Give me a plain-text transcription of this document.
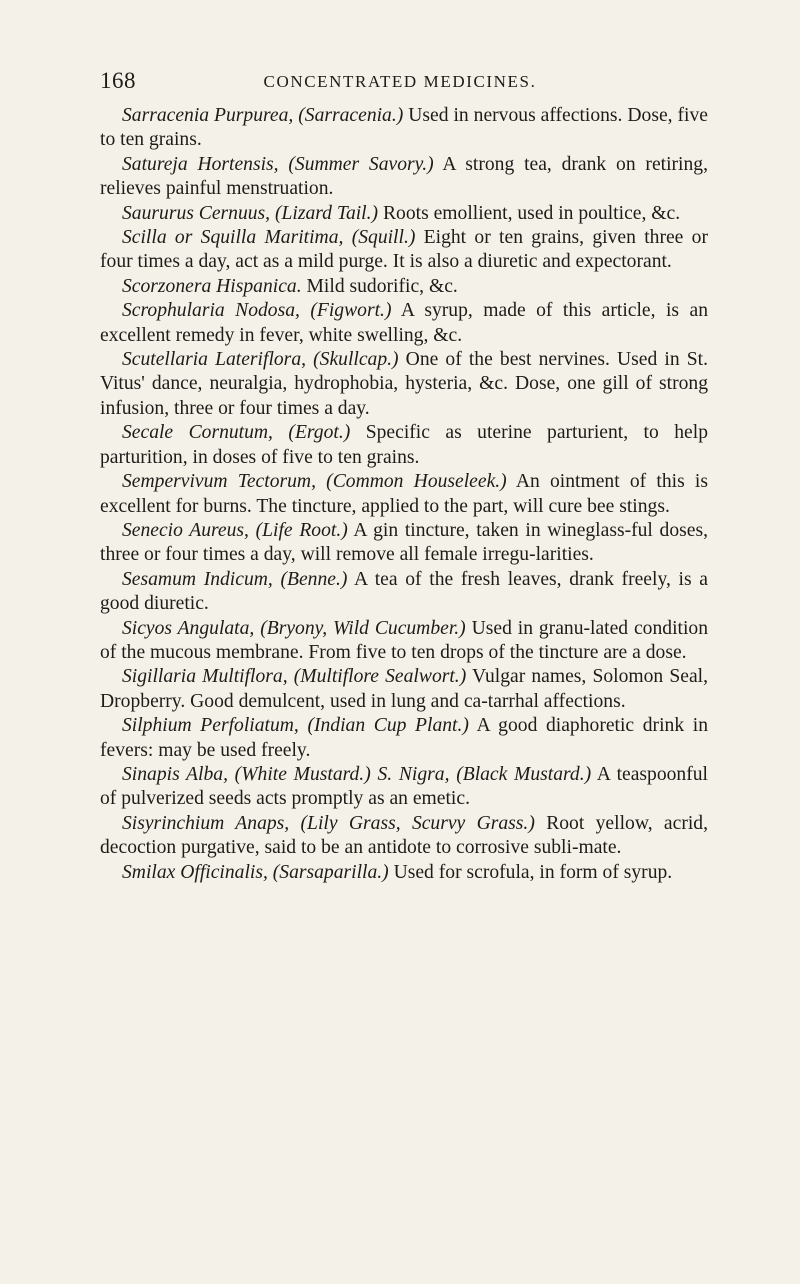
168	CONCENTRATED MEDICINES.

Sarracenia Purpurea, (Sarracenia.) Used in nervous affections. Dose, five to ten grains.

Satureja Hortensis, (Summer Savory.) A strong tea, drank on retiring, relieves painful menstruation.

Saururus Cernuus, (Lizard Tail.) Roots emollient, used in poultice, &c.

Scilla or Squilla Maritima, (Squill.) Eight or ten grains, given three or four times a day, act as a mild purge. It is also a diuretic and expectorant.

Scorzonera Hispanica. Mild sudorific, &c.

Scrophularia Nodosa, (Figwort.) A syrup, made of this article, is an excellent remedy in fever, white swelling, &c.

Scutellaria Lateriflora, (Skullcap.) One of the best nervines. Used in St. Vitus' dance, neuralgia, hydrophobia, hysteria, &c. Dose, one gill of strong infusion, three or four times a day.

Secale Cornutum, (Ergot.) Specific as uterine parturient, to help parturition, in doses of five to ten grains.

Sempervivum Tectorum, (Common Houseleek.) An ointment of this is excellent for burns. The tincture, applied to the part, will cure bee stings.

Senecio Aureus, (Life Root.) A gin tincture, taken in wineglass-ful doses, three or four times a day, will remove all female irregu-larities.

Sesamum Indicum, (Benne.) A tea of the fresh leaves, drank freely, is a good diuretic.

Sicyos Angulata, (Bryony, Wild Cucumber.) Used in granu-lated condition of the mucous membrane. From five to ten drops of the tincture are a dose.

Sigillaria Multiflora, (Multiflore Sealwort.) Vulgar names, Solomon Seal, Dropberry. Good demulcent, used in lung and ca-tarrhal affections.

Silphium Perfoliatum, (Indian Cup Plant.) A good diaphoretic drink in fevers: may be used freely.

Sinapis Alba, (White Mustard.) S. Nigra, (Black Mustard.) A teaspoonful of pulverized seeds acts promptly as an emetic.

Sisyrinchium Anaps, (Lily Grass, Scurvy Grass.) Root yellow, acrid, decoction purgative, said to be an antidote to corrosive subli-mate.

Smilax Officinalis, (Sarsaparilla.) Used for scrofula, in form of syrup.
